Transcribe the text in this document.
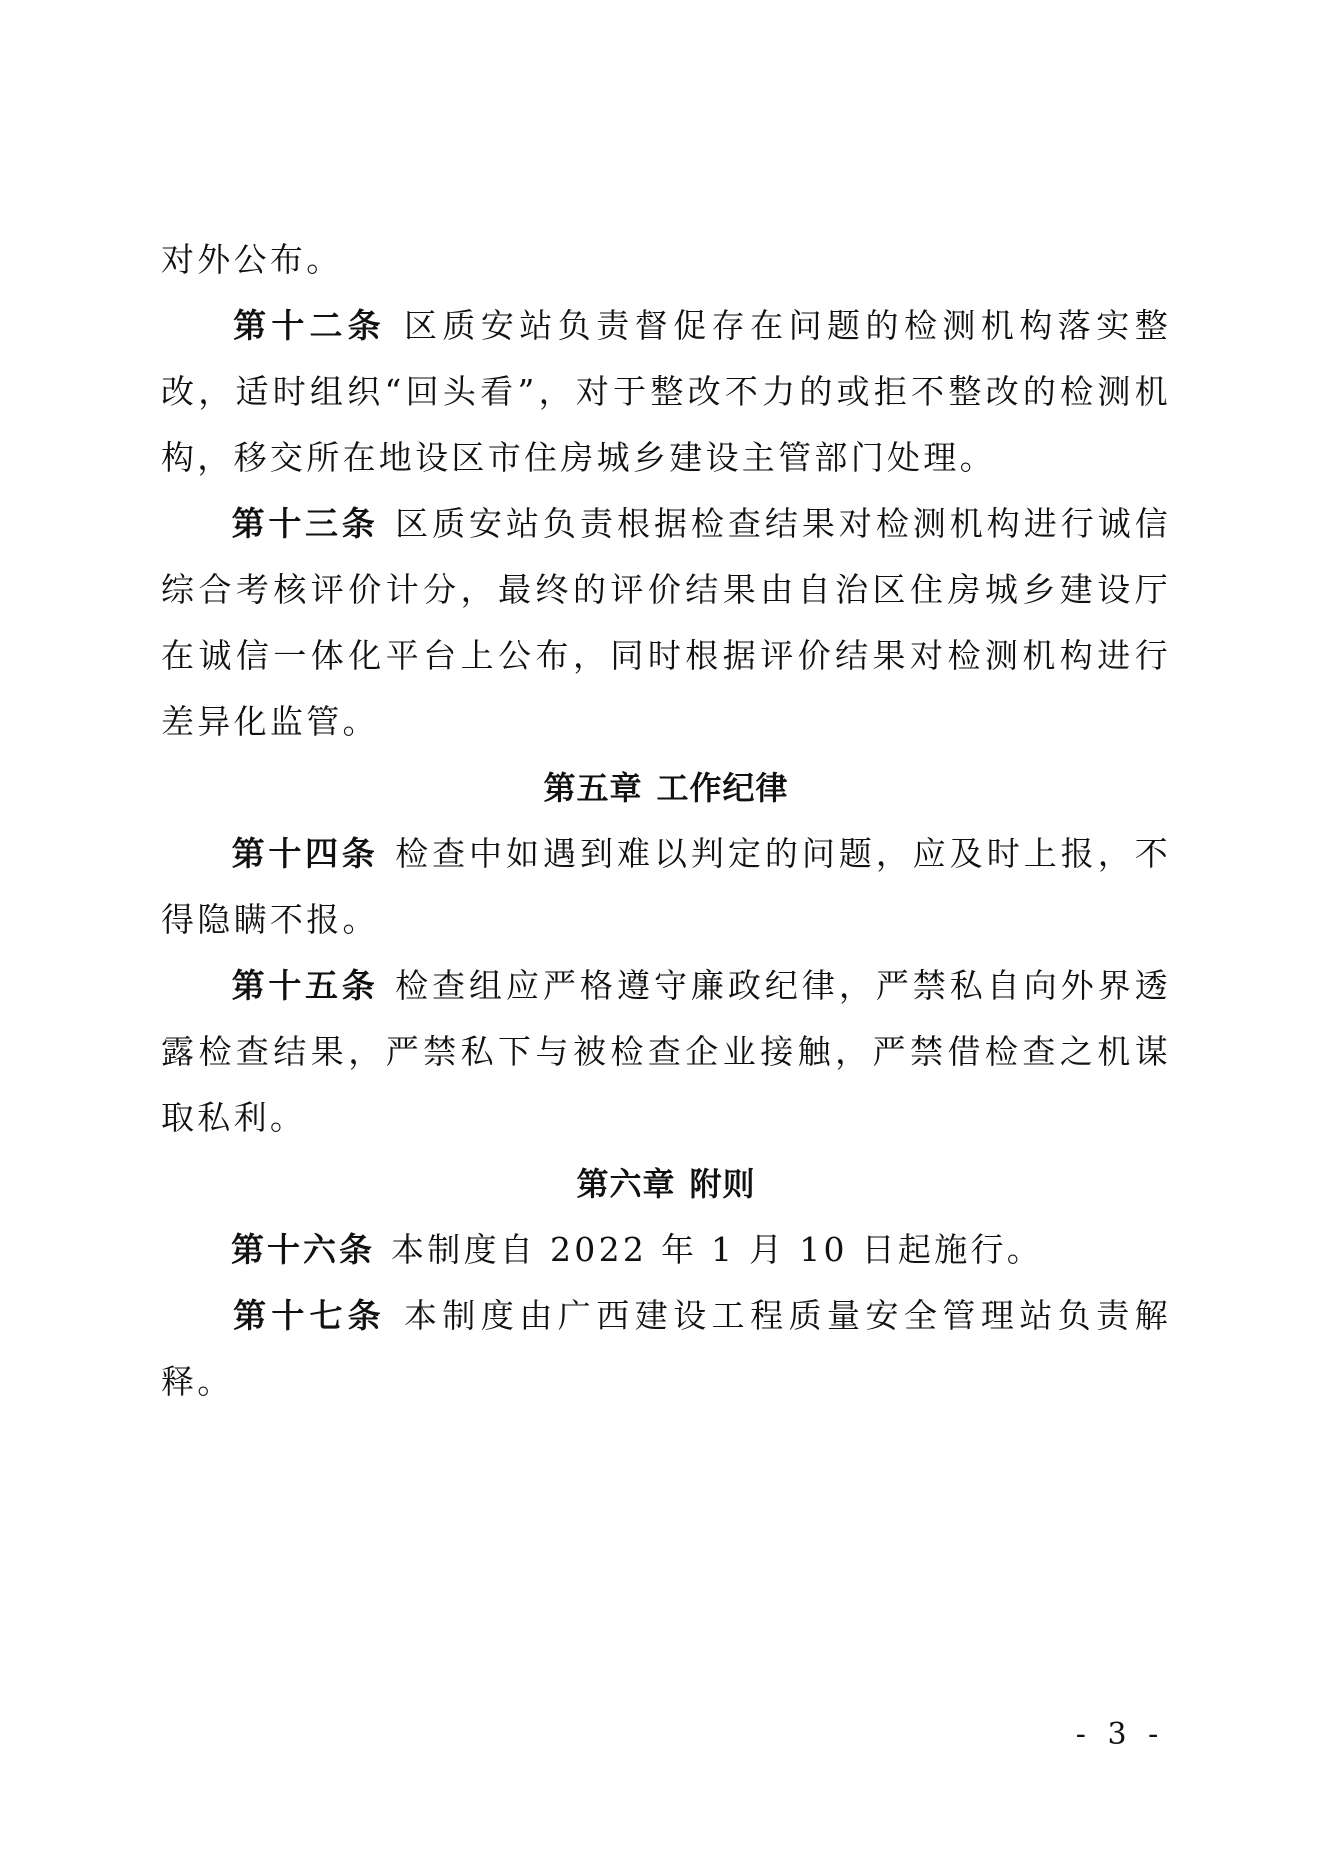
对外公布。

第十二条 区质安站负责督促存在问题的检测机构落实整改，适时组织“回头看”，对于整改不力的或拒不整改的检测机构，移交所在地设区市住房城乡建设主管部门处理。

第十三条 区质安站负责根据检查结果对检测机构进行诚信综合考核评价计分，最终的评价结果由自治区住房城乡建设厅在诚信一体化平台上公布，同时根据评价结果对检测机构进行差异化监管。

第五章 工作纪律

第十四条 检查中如遇到难以判定的问题，应及时上报，不得隐瞒不报。

第十五条 检查组应严格遵守廉政纪律，严禁私自向外界透露检查结果，严禁私下与被检查企业接触，严禁借检查之机谋取私利。

第六章 附则

第十六条 本制度自 2022 年 1 月 10 日起施行。

第十七条 本制度由广西建设工程质量安全管理站负责解释。

- 3 -
